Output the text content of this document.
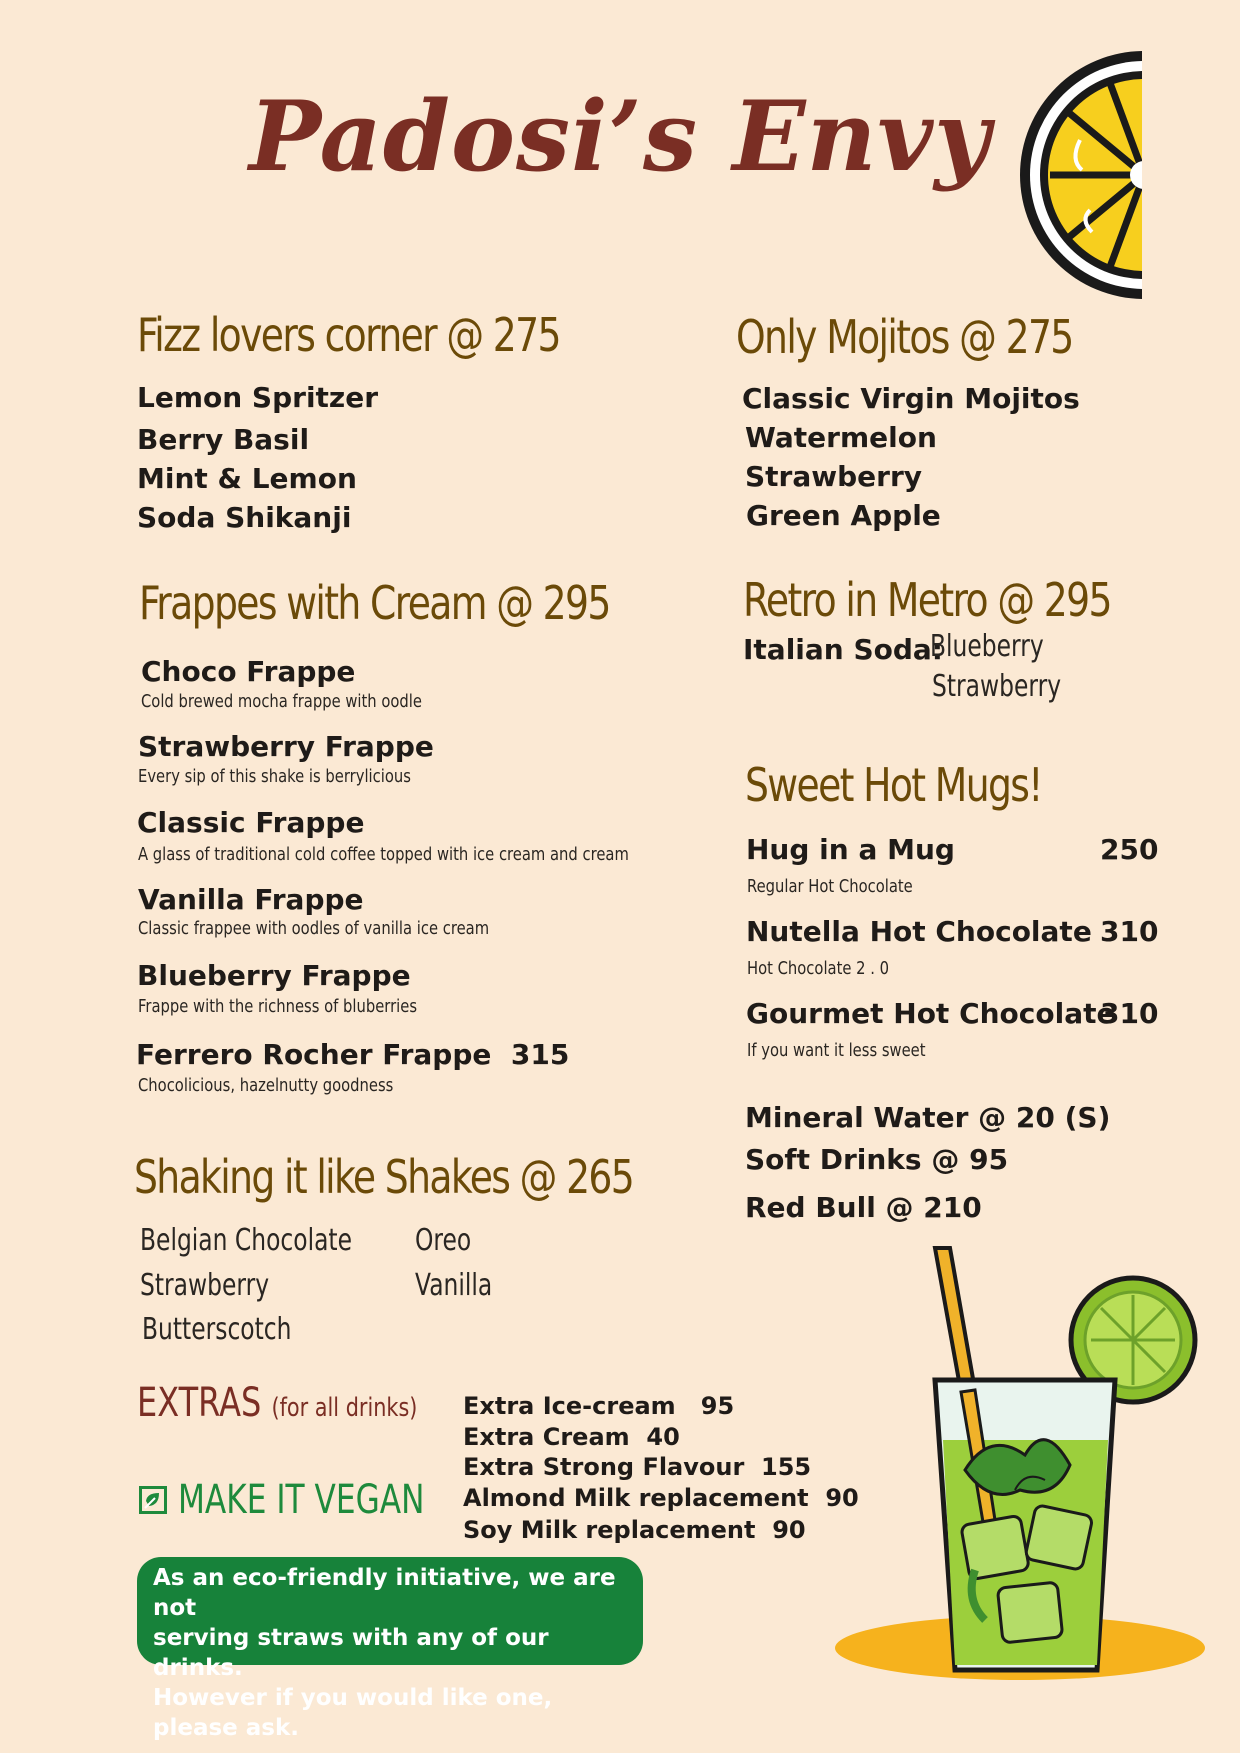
Padosi’s Envy
Fizz lovers corner @ 275
Lemon Spritzer
Berry Basil
Mint & Lemon
Soda Shikanji
Only Mojitos @ 275
Classic Virgin Mojitos
Watermelon
Strawberry
Green Apple
Frappes with Cream @ 295
Choco Frappe
Cold brewed mocha frappe with oodle
Strawberry Frappe
Every sip of this shake is berrylicious
Classic Frappe
A glass of traditional cold coffee topped with ice cream and cream
Vanilla Frappe
Classic frappee with oodles of vanilla ice cream
Blueberry Frappe
Frappe with the richness of bluberries
Ferrero Rocher Frappe  315
Chocolicious, hazelnutty goodness
Retro in Metro @ 295
Italian Soda:
Blueberry
Strawberry
Sweet Hot Mugs!
Hug in a Mug	250
Regular Hot Chocolate
Nutella Hot Chocolate 310
Hot Chocolate 2 . 0
Gourmet Hot Chocolate
310
If you want it less sweet
Mineral Water @ 20 (S)
Soft Drinks @ 95
Red Bull @ 210
Shaking it like Shakes @ 265
Belgian Chocolate
Strawberry
Butterscotch
Oreo
Vanilla
EXTRAS (for all drinks) Extra Ice-cream   95
Extra Cream  40
Extra Strong Flavour  155
Almond Milk replacement  90
Soy Milk replacement  90
MAKE IT VEGAN
As an eco-friendly initiative, we are not
serving straws with any of our drinks.
However if you would like one, please ask.
